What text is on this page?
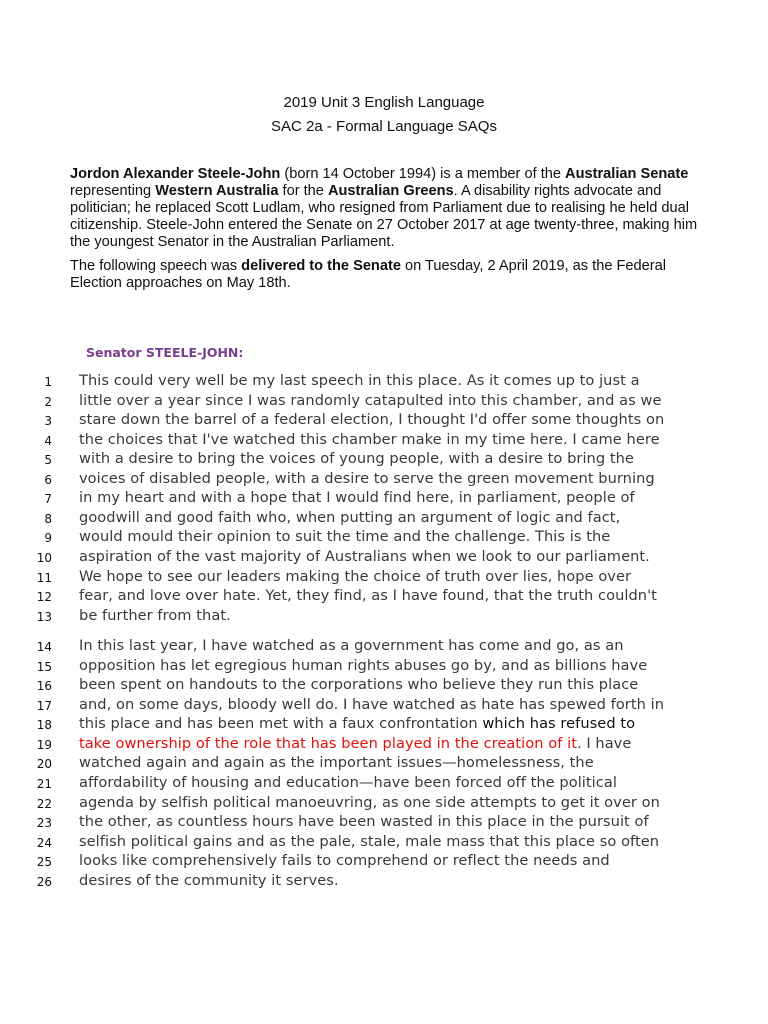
2019 Unit 3 English Language
SAC 2a - Formal Language SAQs
Jordon Alexander Steele-John (born 14 October 1994) is a member of the Australian Senate representing Western Australia for the Australian Greens. A disability rights advocate and politician; he replaced Scott Ludlam, who resigned from Parliament due to realising he held dual citizenship. Steele-John entered the Senate on 27 October 2017 at age twenty-three, making him the youngest Senator in the Australian Parliament.
The following speech was delivered to the Senate on Tuesday, 2 April 2019, as the Federal Election approaches on May 18th.
Senator STEELE-JOHN:
1 This could very well be my last speech in this place. As it comes up to just a
2 little over a year since I was randomly catapulted into this chamber, and as we
3 stare down the barrel of a federal election, I thought I'd offer some thoughts on
4 the choices that I've watched this chamber make in my time here. I came here
5 with a desire to bring the voices of young people, with a desire to bring the
6 voices of disabled people, with a desire to serve the green movement burning
7 in my heart and with a hope that I would find here, in parliament, people of
8 goodwill and good faith who, when putting an argument of logic and fact,
9 would mould their opinion to suit the time and the challenge. This is the
10 aspiration of the vast majority of Australians when we look to our parliament.
11 We hope to see our leaders making the choice of truth over lies, hope over
12 fear, and love over hate. Yet, they find, as I have found, that the truth couldn't
13 be further from that.
14 In this last year, I have watched as a government has come and go, as an
15 opposition has let egregious human rights abuses go by, and as billions have
16 been spent on handouts to the corporations who believe they run this place
17 and, on some days, bloody well do. I have watched as hate has spewed forth in
18 this place and has been met with a faux confrontation which has refused to
19 take ownership of the role that has been played in the creation of it. I have
20 watched again and again as the important issues—homelessness, the
21 affordability of housing and education—have been forced off the political
22 agenda by selfish political manoeuvring, as one side attempts to get it over on
23 the other, as countless hours have been wasted in this place in the pursuit of
24 selfish political gains and as the pale, stale, male mass that this place so often
25 looks like comprehensively fails to comprehend or reflect the needs and
26 desires of the community it serves.
